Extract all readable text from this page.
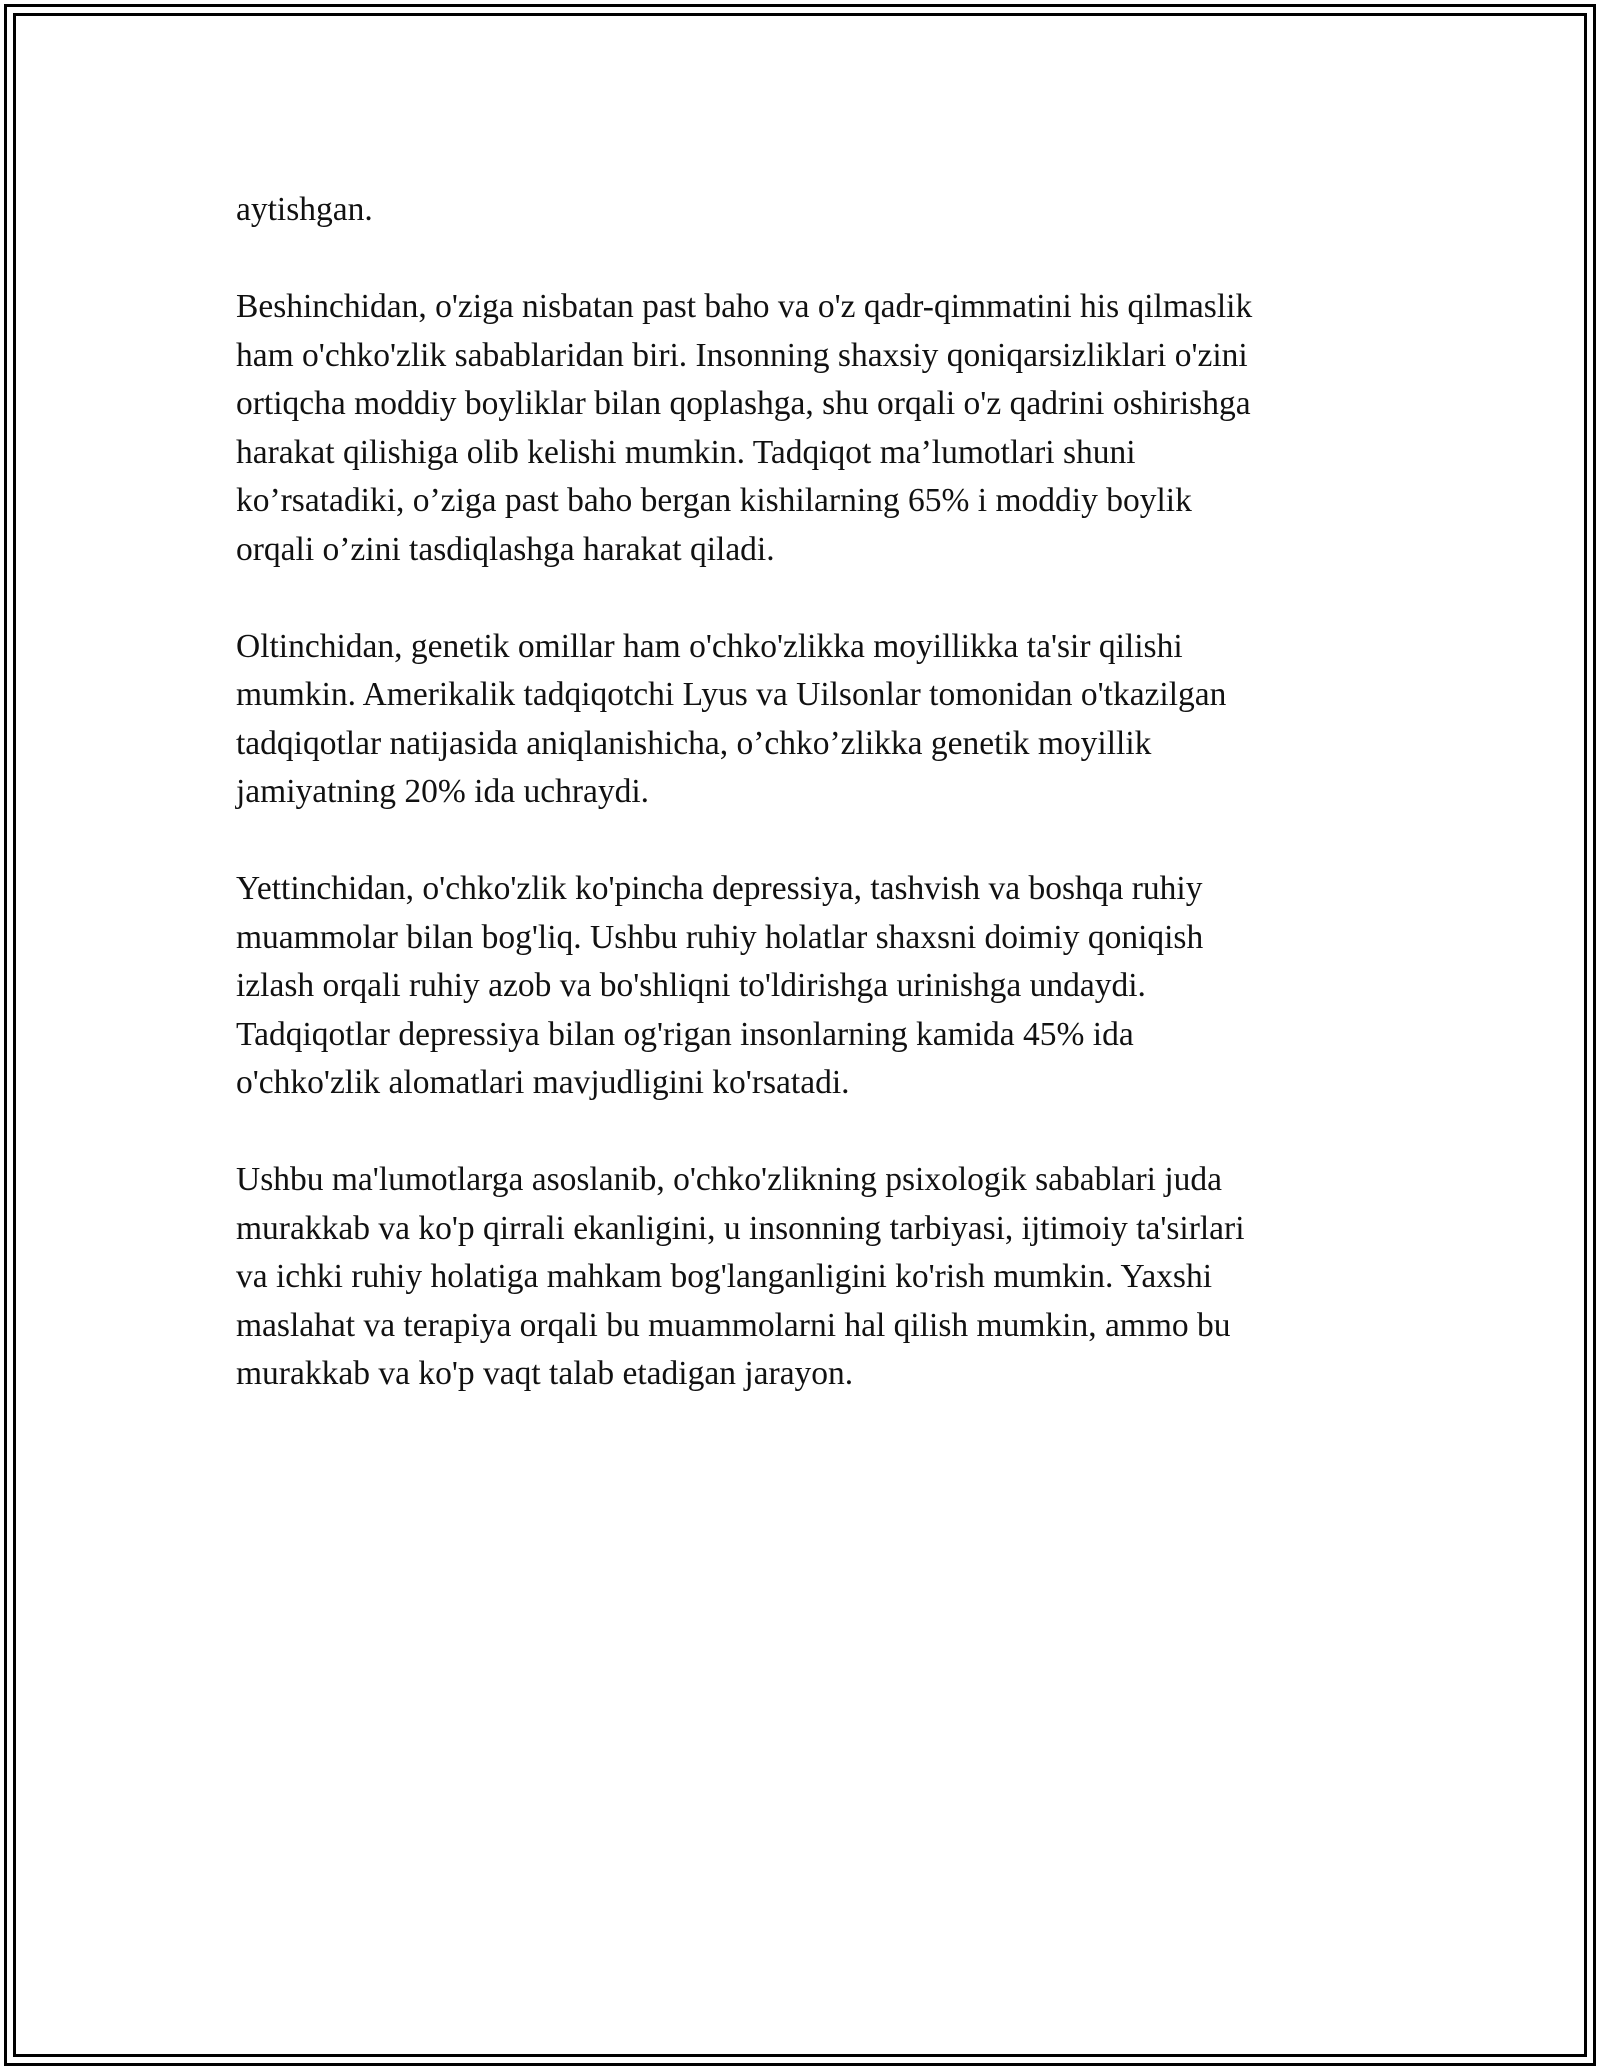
aytishgan.

Beshinchidan, o'ziga nisbatan past baho va o'z qadr-qimmatini his qilmaslik
ham o'chko'zlik sabablaridan biri. Insonning shaxsiy qoniqarsizliklari o'zini
ortiqcha moddiy boyliklar bilan qoplashga, shu orqali o'z qadrini oshirishga
harakat qilishiga olib kelishi mumkin. Tadqiqot ma’lumotlari shuni
ko’rsatadiki, o’ziga past baho bergan kishilarning 65% i moddiy boylik
orqali o’zini tasdiqlashga harakat qiladi.

Oltinchidan, genetik omillar ham o'chko'zlikka moyillikka ta'sir qilishi
mumkin. Amerikalik tadqiqotchi Lyus va Uilsonlar tomonidan o'tkazilgan
tadqiqotlar natijasida aniqlanishicha, o’chko’zlikka genetik moyillik
jamiyatning 20% ida uchraydi.

Yettinchidan, o'chko'zlik ko'pincha depressiya, tashvish va boshqa ruhiy
muammolar bilan bog'liq. Ushbu ruhiy holatlar shaxsni doimiy qoniqish
izlash orqali ruhiy azob va bo'shliqni to'ldirishga urinishga undaydi.
Tadqiqotlar depressiya bilan og'rigan insonlarning kamida 45% ida
o'chko'zlik alomatlari mavjudligini ko'rsatadi.

Ushbu ma'lumotlarga asoslanib, o'chko'zlikning psixologik sabablari juda
murakkab va ko'p qirrali ekanligini, u insonning tarbiyasi, ijtimoiy ta'sirlari
va ichki ruhiy holatiga mahkam bog'langanligini ko'rish mumkin. Yaxshi
maslahat va terapiya orqali bu muammolarni hal qilish mumkin, ammo bu
murakkab va ko'p vaqt talab etadigan jarayon.
